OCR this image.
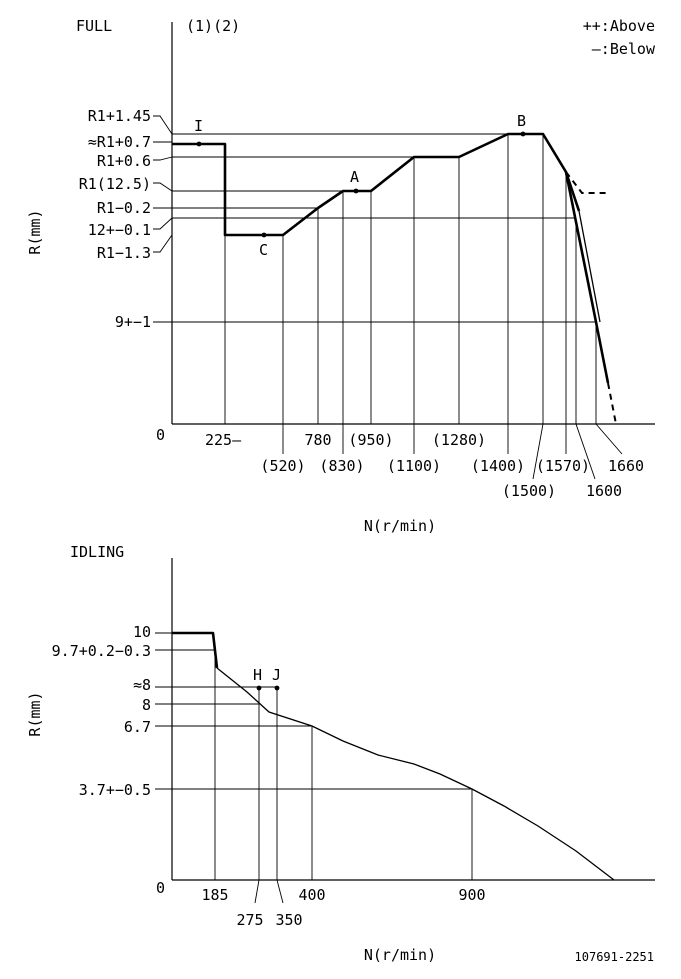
FULL	(1)(2)
I
C
A
B
R1+1.45
≈R1+0.7
R1+0.6
R1(12.5)
R1−0.2
12+−0.1
R1−1.3
9+−1
0	225—
(520)
780
(830)
(950)
(1100)
(1280)
(1400)
(1500)
(1570)
1600
1660
N(r/min)
R(mm)
++:Above
—:Below
IDLING
H J
10
9.7+0.2−0.3
≈8
8
6.7
3.7+−0.5
0 185
275 350
400	900
N(r/min)
R(mm)
107691-2251
